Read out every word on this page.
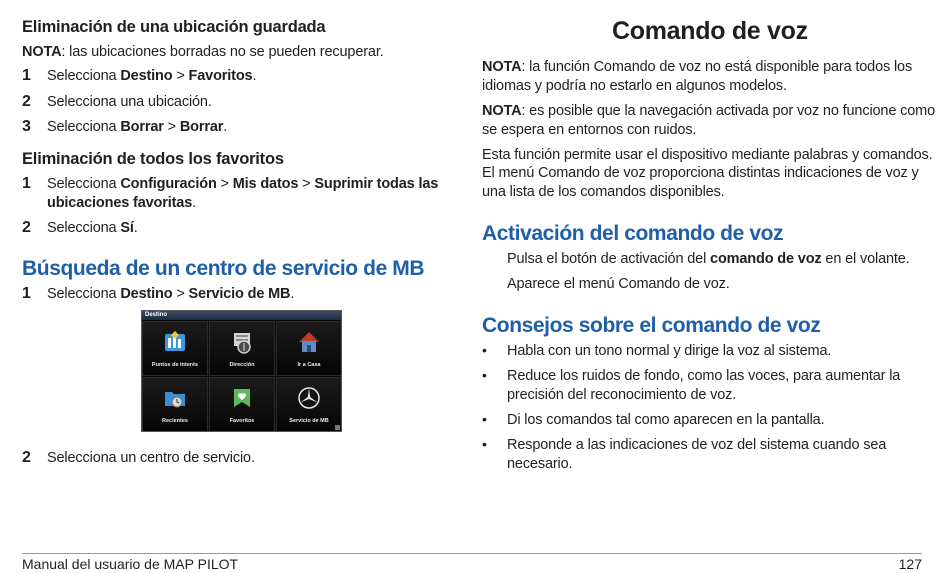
Eliminación de una ubicación guardada
NOTA: las ubicaciones borradas no se pueden recuperar.
1 Selecciona Destino > Favoritos.
2 Selecciona una ubicación.
3 Selecciona Borrar > Borrar.
Eliminación de todos los favoritos
1 Selecciona Configuración > Mis datos > Suprimir todas las
ubicaciones favoritas.
2 Selecciona Sí.
Búsqueda de un centro de servicio de MB
1 Selecciona Destino > Servicio de MB.
2 Selecciona un centro de servicio.
Destino
Puntos de interés	Dirección	Ir a Casa
Recientes	Favoritos	Servicio de MB
Comando de voz
NOTA: la función Comando de voz no está disponible para todos los
idiomas y podría no estarlo en algunos modelos.
NOTA: es posible que la navegación activada por voz no funcione como
se espera en entornos con ruidos.
Esta función permite usar el dispositivo mediante palabras y comandos.
El menú Comando de voz proporciona distintas indicaciones de voz y
una lista de los comandos disponibles.
Activación del comando de voz
Pulsa el botón de activación del comando de voz en el volante.
Aparece el menú Comando de voz.
Consejos sobre el comando de voz
• Habla con un tono normal y dirige la voz al sistema.
• Reduce los ruidos de fondo, como las voces, para aumentar la
precisión del reconocimiento de voz.
• Di los comandos tal como aparecen en la pantalla.
• Responde a las indicaciones de voz del sistema cuando sea
necesario.
Manual del usuario de MAP PILOT	127
